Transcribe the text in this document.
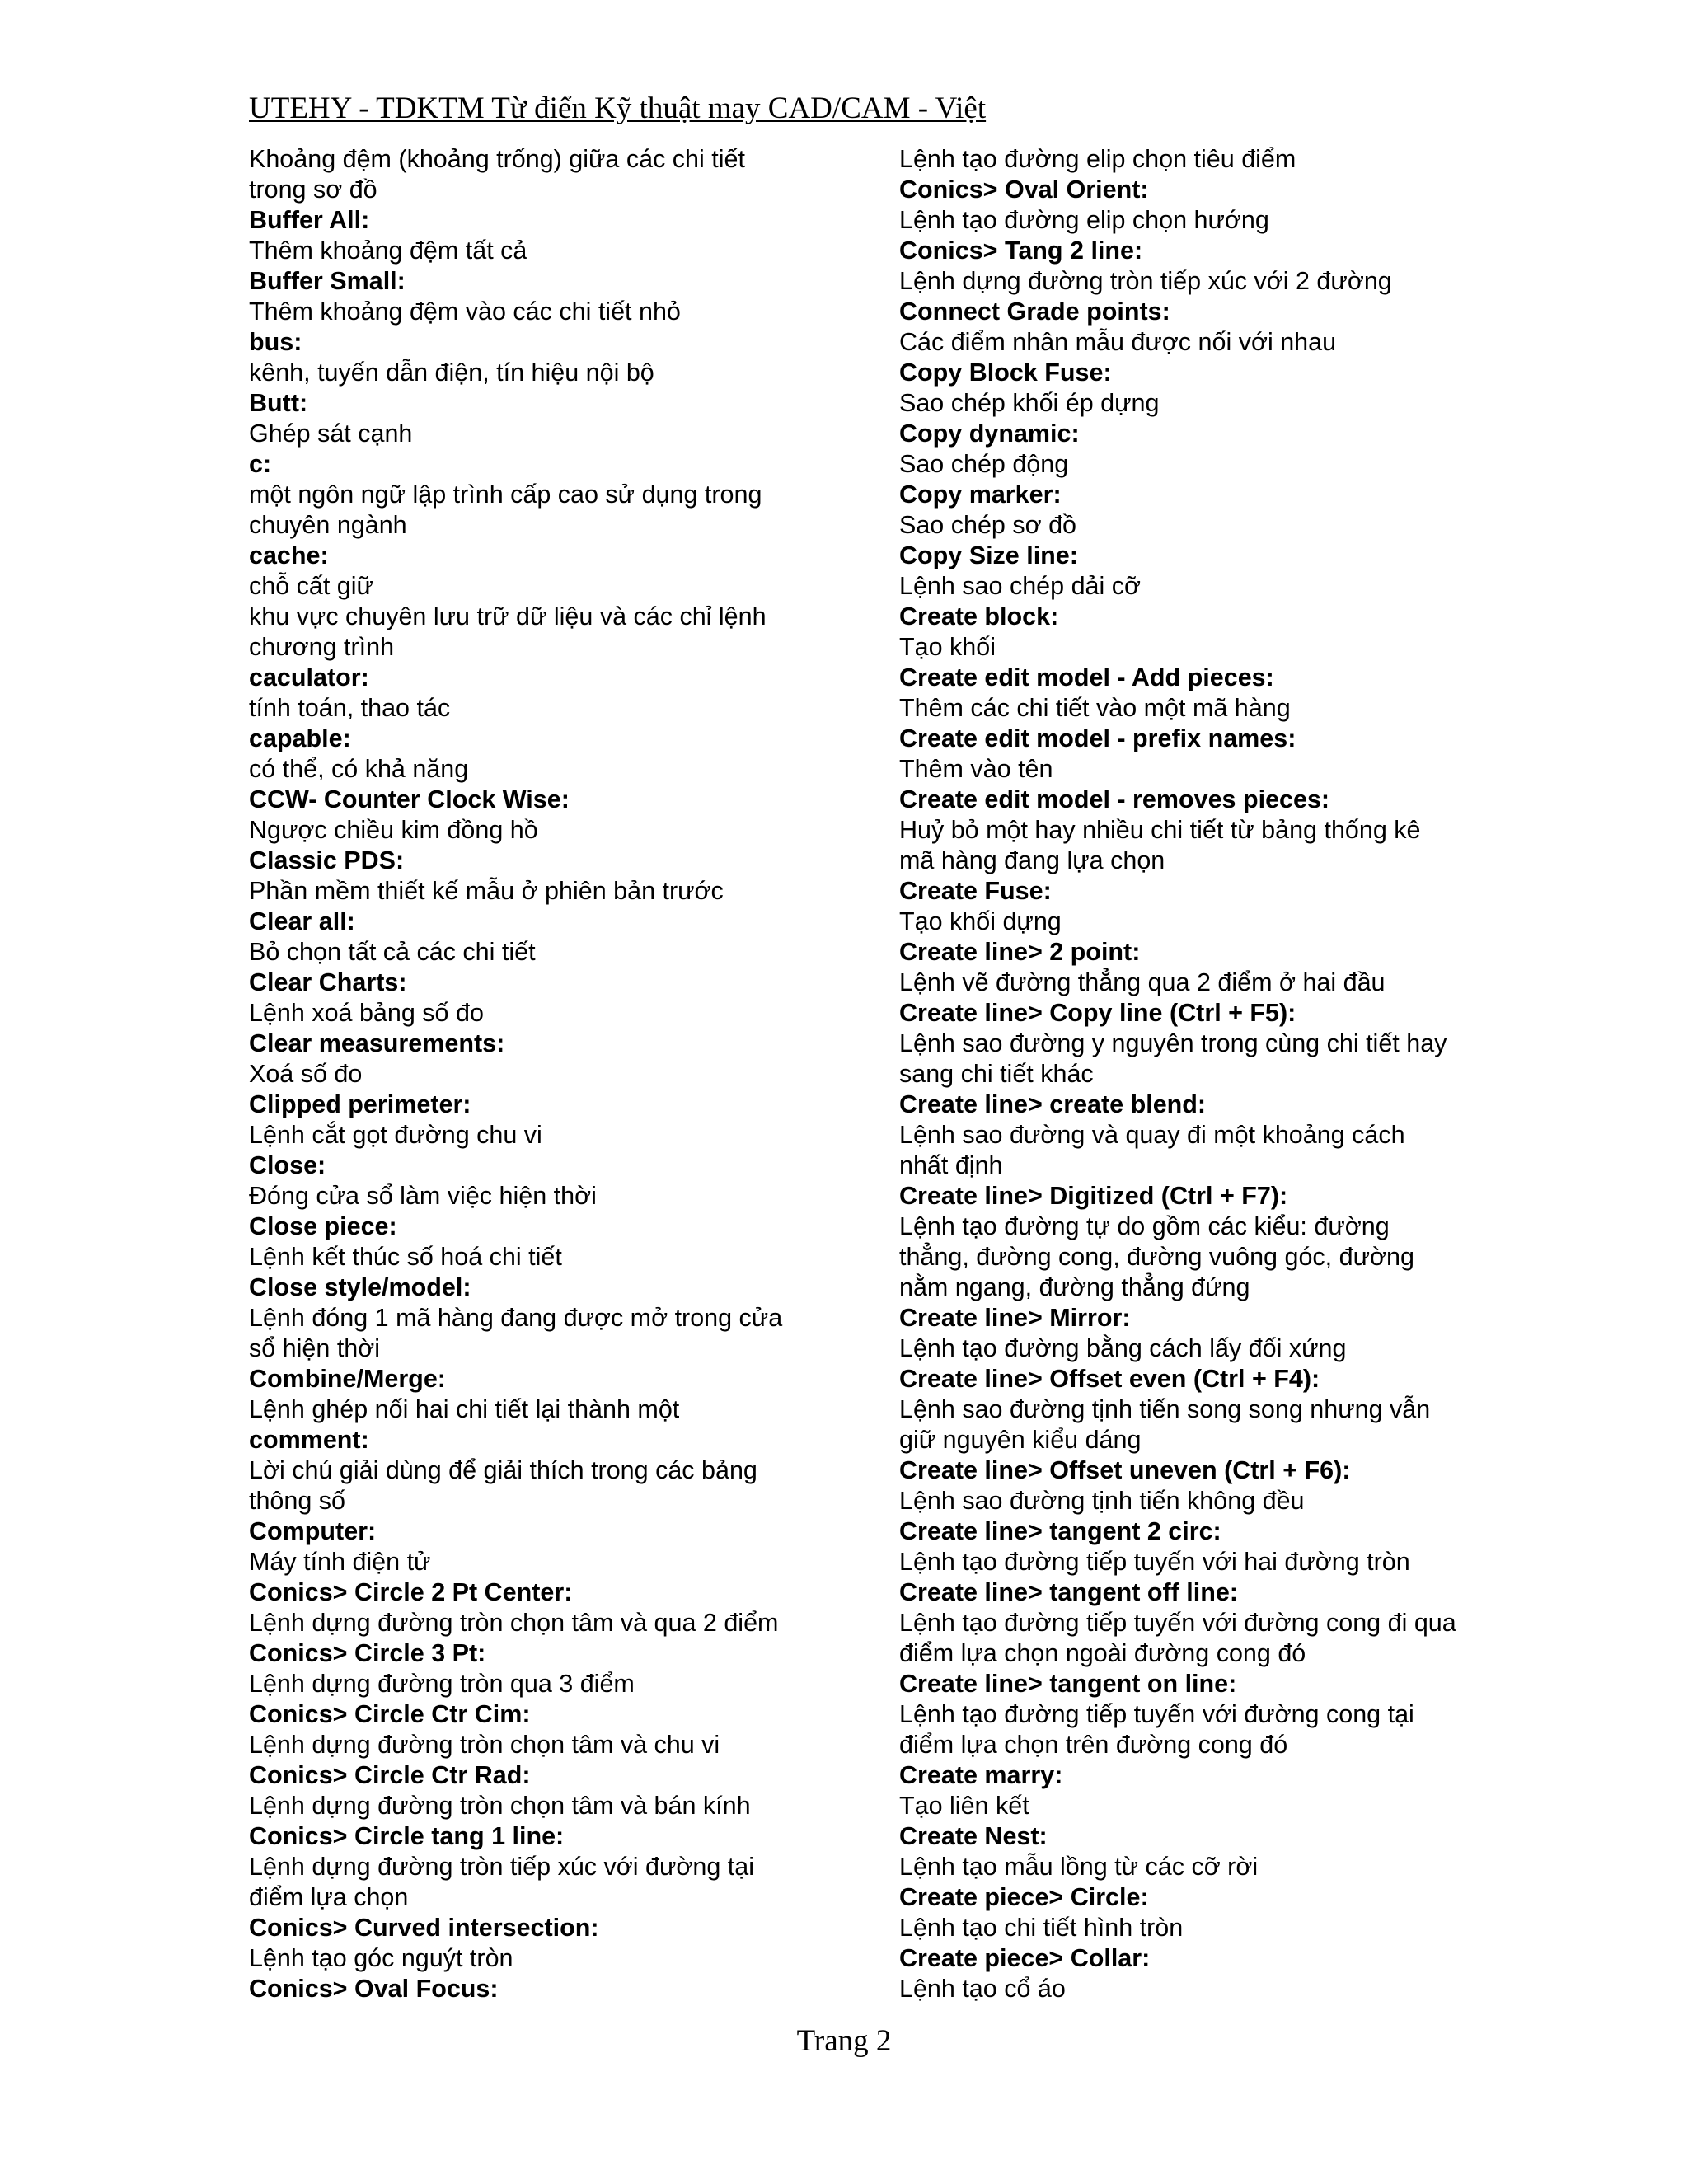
UTEHY - TDKTM Từ điển Kỹ thuật may CAD/CAM - Việt
Khoảng đệm (khoảng trống) giữa các chi tiết
trong sơ đồ
Buffer All:
Thêm khoảng đệm tất cả
Buffer Small:
Thêm khoảng đệm vào các chi tiết nhỏ
bus:
kênh, tuyến dẫn điện, tín hiệu nội bộ
Butt:
Ghép sát cạnh
c:
một ngôn ngữ lập trình cấp cao sử dụng trong
chuyên ngành
cache:
chỗ cất giữ
khu vực chuyên lưu trữ dữ liệu và các chỉ lệnh
chương trình
caculator:
tính toán, thao tác
capable:
có thể, có khả năng
CCW- Counter Clock Wise:
Ngược chiều kim đồng hồ
Classic PDS:
Phần mềm thiết kế mẫu ở phiên bản trước
Clear all:
Bỏ chọn tất cả các chi tiết
Clear Charts:
Lệnh xoá bảng số đo
Clear measurements:
Xoá số đo
Clipped perimeter:
Lệnh cắt gọt đường chu vi
Close:
Đóng cửa sổ làm việc hiện thời
Close piece:
Lệnh kết thúc số hoá chi tiết
Close style/model:
Lệnh đóng 1 mã hàng đang được mở trong cửa
sổ hiện thời
Combine/Merge:
Lệnh ghép nối hai chi tiết lại thành một
comment:
Lời chú giải dùng để giải thích trong các bảng
thông số
Computer:
Máy tính điện tử
Conics> Circle 2 Pt Center:
Lệnh dựng đường tròn chọn tâm và qua 2 điểm
Conics> Circle 3 Pt:
Lệnh dựng đường tròn qua 3 điểm
Conics> Circle Ctr Cim:
Lệnh dựng đường tròn chọn tâm và chu vi
Conics> Circle Ctr Rad:
Lệnh dựng đường tròn chọn tâm và bán kính
Conics> Circle tang 1 line:
Lệnh dựng đường tròn tiếp xúc với đường tại
điểm lựa chọn
Conics> Curved intersection:
Lệnh tạo góc nguýt tròn
Conics> Oval Focus:
Lệnh tạo đường elip chọn tiêu điểm
Conics> Oval Orient:
Lệnh tạo đường elip chọn hướng
Conics> Tang 2 line:
Lệnh dựng đường tròn tiếp xúc với 2 đường
Connect Grade points:
Các điểm nhân mẫu được nối với nhau
Copy Block Fuse:
Sao chép khối ép dựng
Copy dynamic:
Sao chép động
Copy marker:
Sao chép sơ đồ
Copy Size line:
Lệnh sao chép dải cỡ
Create block:
Tạo khối
Create edit model - Add pieces:
Thêm các chi tiết vào một mã hàng
Create edit model - prefix names:
Thêm vào tên
Create edit model - removes pieces:
Huỷ bỏ một hay nhiều chi tiết từ bảng thống kê
mã hàng đang lựa chọn
Create Fuse:
Tạo khối dựng
Create line> 2 point:
Lệnh vẽ đường thẳng qua 2 điểm ở hai đầu
Create line> Copy line (Ctrl + F5):
Lệnh sao đường y nguyên trong cùng chi tiết hay
sang chi tiết khác
Create line> create blend:
Lệnh sao đường và quay đi một khoảng cách
nhất định
Create line> Digitized (Ctrl + F7):
Lệnh tạo đường tự do gồm các kiểu: đường
thẳng, đường cong, đường vuông góc, đường
nằm ngang, đường thẳng đứng
Create line> Mirror:
Lệnh tạo đường bằng cách lấy đối xứng
Create line> Offset even (Ctrl + F4):
Lệnh sao đường tịnh tiến song song nhưng vẫn
giữ nguyên kiểu dáng
Create line> Offset uneven (Ctrl + F6):
Lệnh sao đường tịnh tiến không đều
Create line> tangent 2 circ:
Lệnh tạo đường tiếp tuyến với hai đường tròn
Create line> tangent off line:
Lệnh tạo đường tiếp tuyến với đường cong đi qua
điểm lựa chọn ngoài đường cong đó
Create line> tangent on line:
Lệnh tạo đường tiếp tuyến với đường cong tại
điểm lựa chọn trên đường cong đó
Create marry:
Tạo liên kết
Create Nest:
Lệnh tạo mẫu lồng từ các cỡ rời
Create piece> Circle:
Lệnh tạo chi tiết hình tròn
Create piece> Collar:
Lệnh tạo cổ áo
Trang 2
